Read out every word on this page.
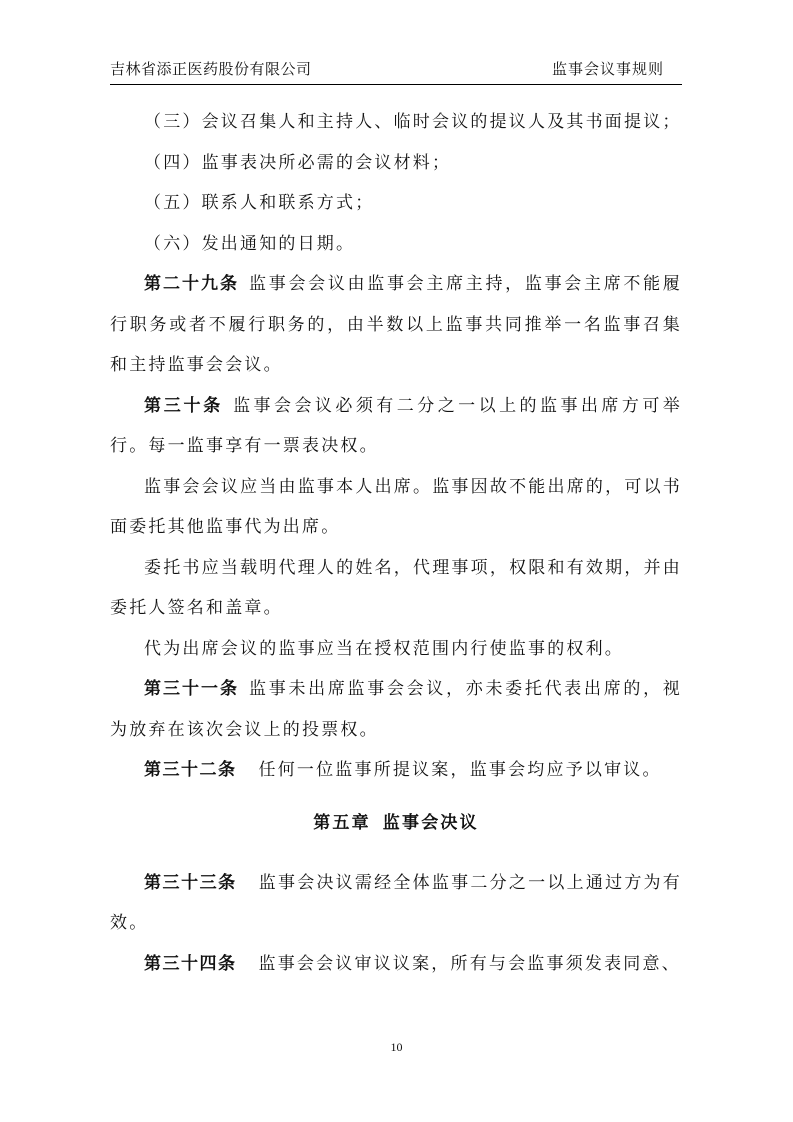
吉林省添正医药股份有限公司	监事会议事规则

（三）会议召集人和主持人、临时会议的提议人及其书面提议；

（四）监事表决所必需的会议材料；

（五）联系人和联系方式；

（六）发出通知的日期。

第二十九条 监事会会议由监事会主席主持，监事会主席不能履行职务或者不履行职务的，由半数以上监事共同推举一名监事召集和主持监事会会议。

第三十条 监事会会议必须有二分之一以上的监事出席方可举行。每一监事享有一票表决权。

监事会会议应当由监事本人出席。监事因故不能出席的，可以书面委托其他监事代为出席。

委托书应当载明代理人的姓名，代理事项，权限和有效期，并由委托人签名和盖章。

代为出席会议的监事应当在授权范围内行使监事的权利。

第三十一条 监事未出席监事会会议，亦未委托代表出席的，视为放弃在该次会议上的投票权。

第三十二条 任何一位监事所提议案，监事会均应予以审议。

第五章 监事会决议

第三十三条 监事会决议需经全体监事二分之一以上通过方为有效。

第三十四条 监事会会议审议议案，所有与会监事须发表同意、

10
